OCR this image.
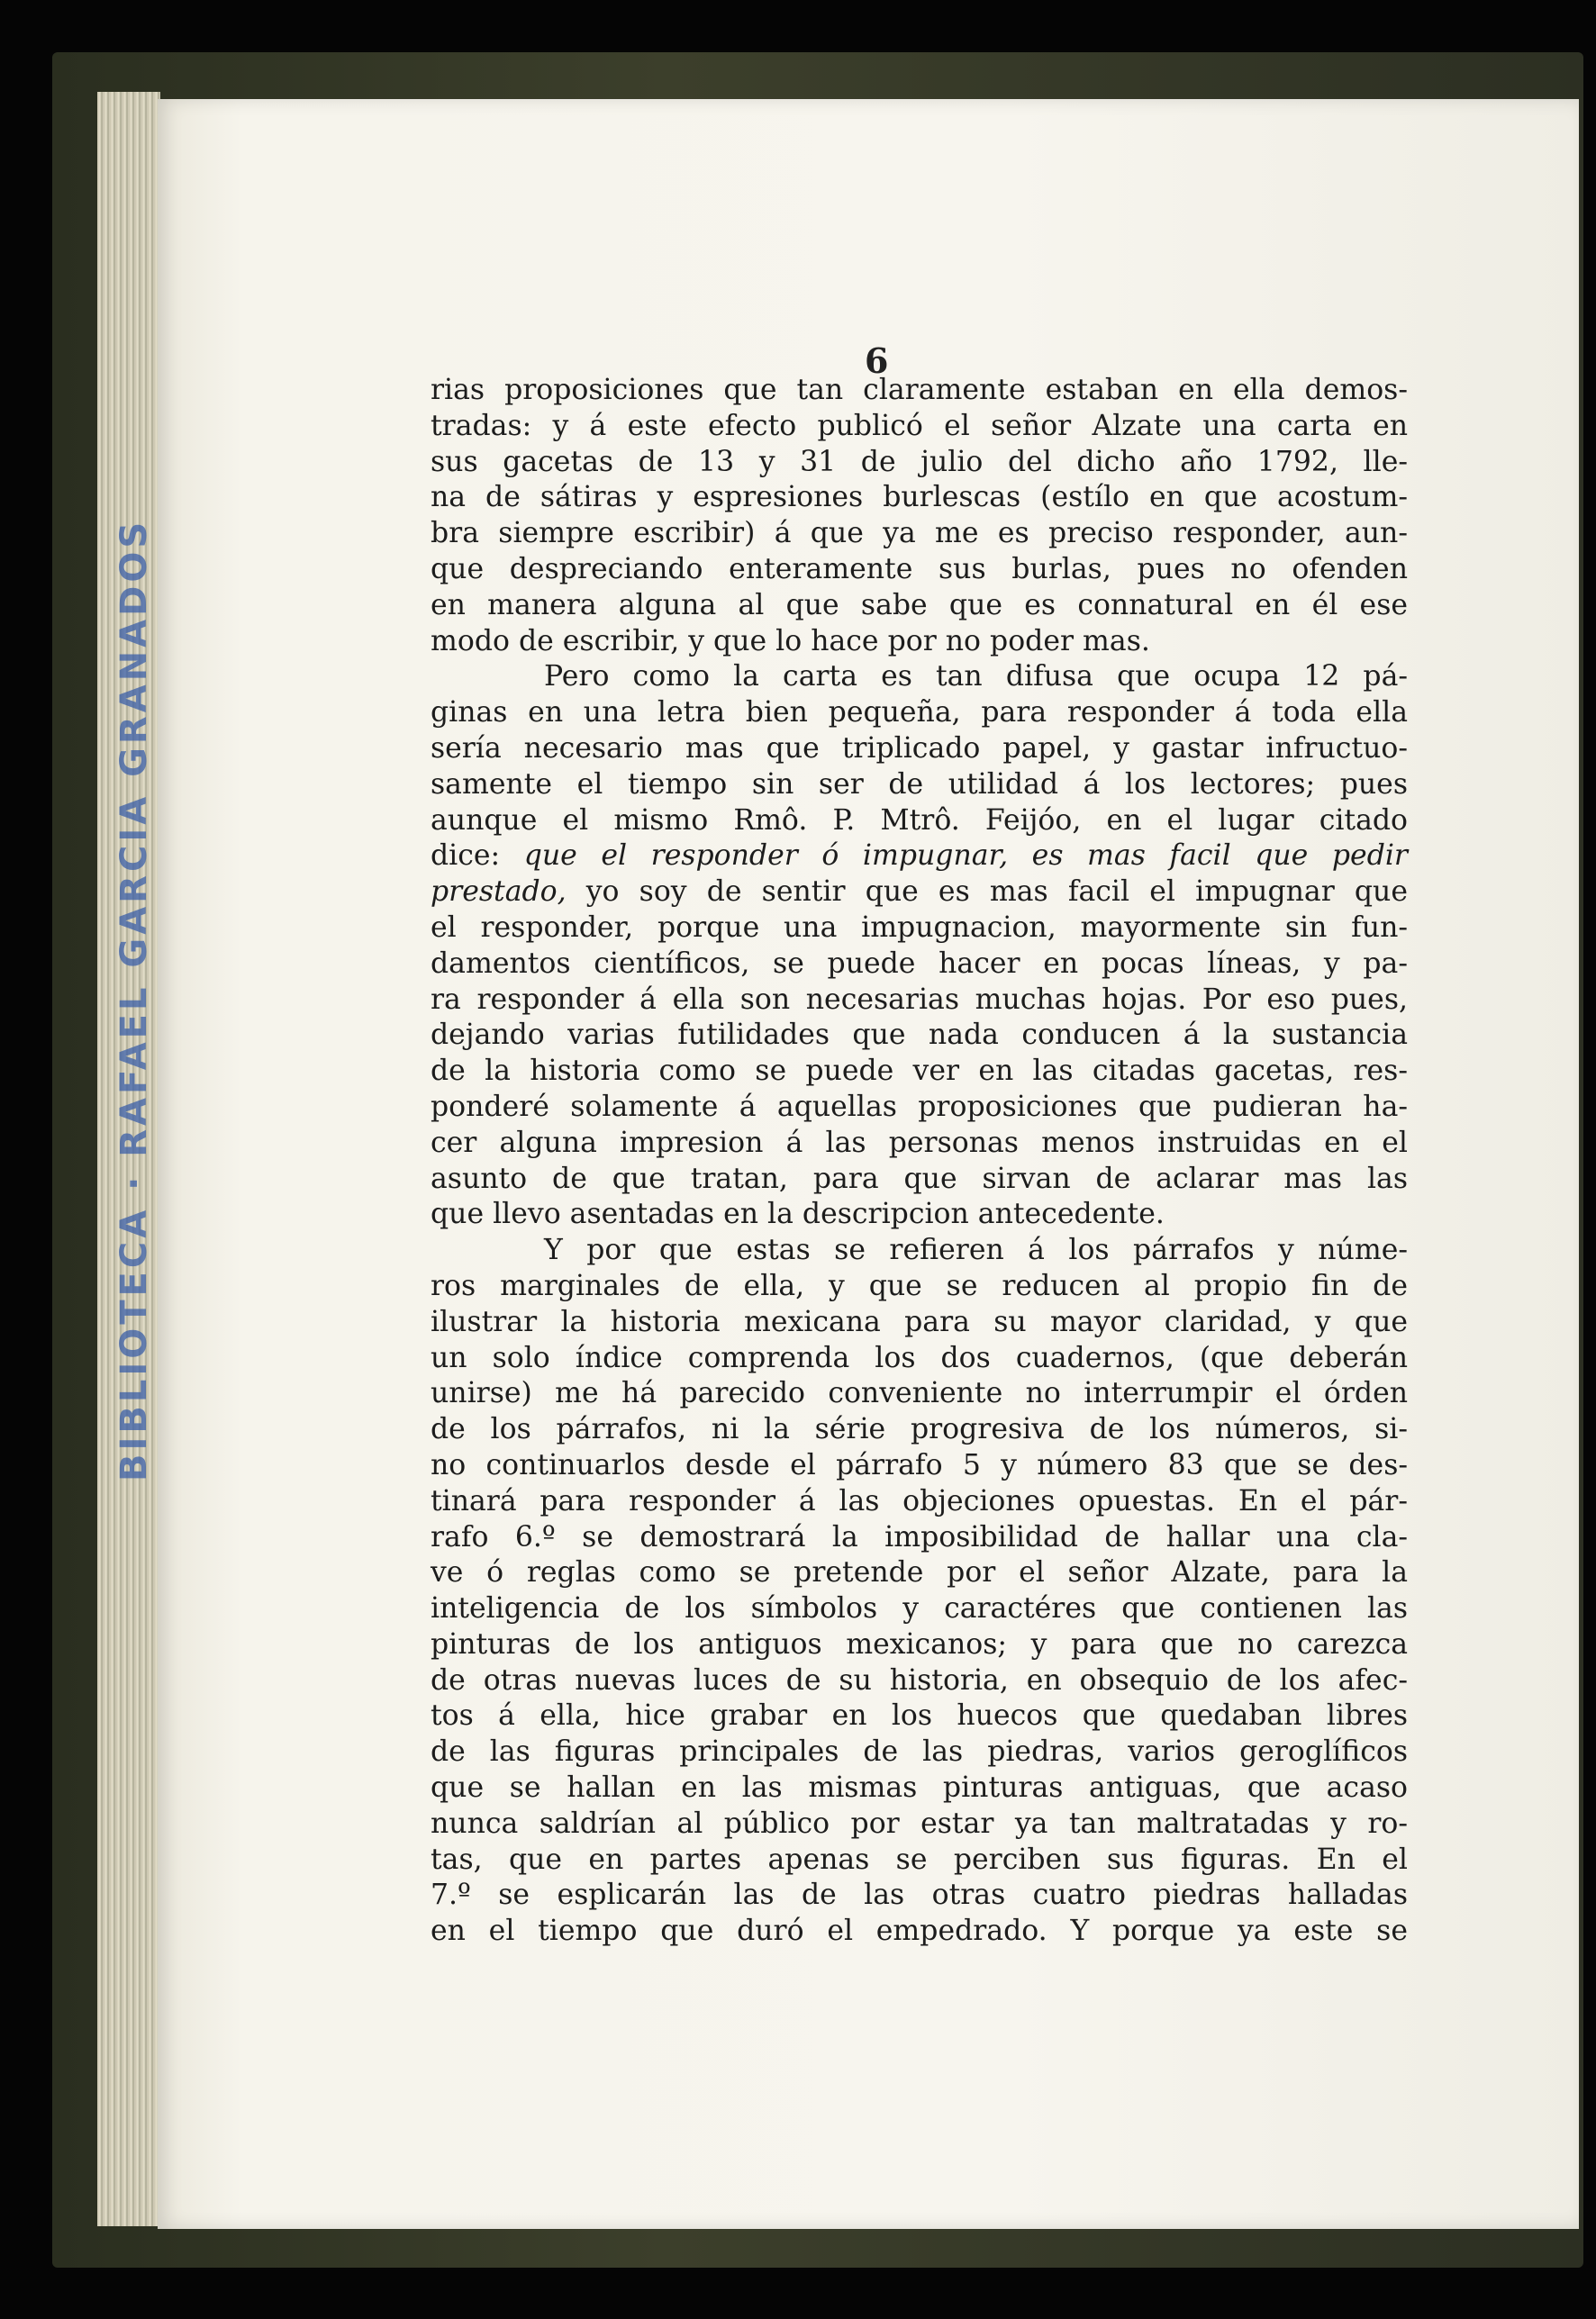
BIBLIOTECA · RAFAEL GARCIA GRANADOS
6
rias proposiciones que tan claramente estaban en ella demos-
tradas: y á este efecto publicó el señor Alzate una carta en
sus gacetas de 13 y 31 de julio del dicho año 1792, lle-
na de sátiras y espresiones burlescas (estílo en que acostum-
bra siempre escribir) á que ya me es preciso responder, aun-
que despreciando enteramente sus burlas, pues no ofenden
en manera alguna al que sabe que es connatural en él ese
modo de escribir, y que lo hace por no poder mas.
Pero como la carta es tan difusa que ocupa 12 pá-
ginas en una letra bien pequeña, para responder á toda ella
sería necesario mas que triplicado papel, y gastar infructuo-
samente el tiempo sin ser de utilidad á los lectores; pues
aunque el mismo Rmô. P. Mtrô. Feijóo, en el lugar citado
dice: que el responder ó impugnar, es mas facil que pedir
prestado, yo soy de sentir que es mas facil el impugnar que
el responder, porque una impugnacion, mayormente sin fun-
damentos científicos, se puede hacer en pocas líneas, y pa-
ra responder á ella son necesarias muchas hojas. Por eso pues,
dejando varias futilidades que nada conducen á la sustancia
de la historia como se puede ver en las citadas gacetas, res-
ponderé solamente á aquellas proposiciones que pudieran ha-
cer alguna impresion á las personas menos instruidas en el
asunto de que tratan, para que sirvan de aclarar mas las
que llevo asentadas en la descripcion antecedente.
Y por que estas se refieren á los párrafos y núme-
ros marginales de ella, y que se reducen al propio fin de
ilustrar la historia mexicana para su mayor claridad, y que
un solo índice comprenda los dos cuadernos, (que deberán
unirse) me há parecido conveniente no interrumpir el órden
de los párrafos, ni la série progresiva de los números, si-
no continuarlos desde el párrafo 5 y número 83 que se des-
tinará para responder á las objeciones opuestas. En el pár-
rafo 6.º se demostrará la imposibilidad de hallar una cla-
ve ó reglas como se pretende por el señor Alzate, para la
inteligencia de los símbolos y caractéres que contienen las
pinturas de los antiguos mexicanos; y para que no carezca
de otras nuevas luces de su historia, en obsequio de los afec-
tos á ella, hice grabar en los huecos que quedaban libres
de las figuras principales de las piedras, varios geroglíficos
que se hallan en las mismas pinturas antiguas, que acaso
nunca saldrían al público por estar ya tan maltratadas y ro-
tas, que en partes apenas se perciben sus figuras. En el
7.º se esplicarán las de las otras cuatro piedras halladas
en el tiempo que duró el empedrado. Y porque ya este se
